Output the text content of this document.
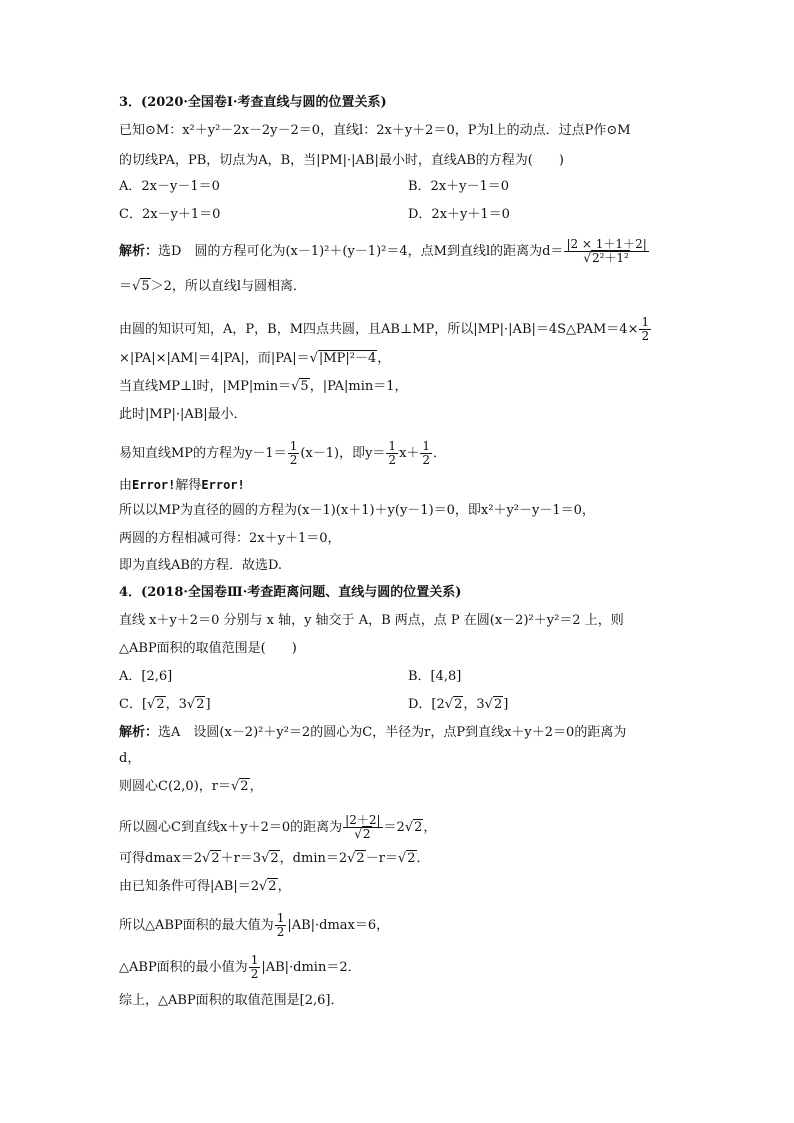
3．(2020·全国卷Ⅰ·考查直线与圆的位置关系)
已知⊙M：x²＋y²－2x－2y－2＝0，直线l：2x＋y＋2＝0，P为l上的动点．过点P作⊙M
的切线PA，PB，切点为A，B，当|PM|·|AB|最小时，直线AB的方程为(　　)
A．2x－y－1＝0	B．2x＋y－1＝0
C．2x－y＋1＝0	D．2x＋y＋1＝0
解析：选D　圆的方程可化为(x－1)²＋(y－1)²＝4，点M到直线l的距离为$d= \frac{|2 \times 1+1+2|}{\text{√2²＋1²}}$
＝√5＞2，所以直线l与圆相离．
由圆的知识可知，A，P，B，M四点共圆，且AB⊥MP，所以|MP|·|AB|＝4S△PAM＝4× $\frac{1}{2}$
×|PA|×|AM|＝4|PA|，而|PA|＝√|MP|²－4，
当直线MP⊥l时，|MP|min＝√5，|PA|min＝1，
此时|MP|·|AB|最小．
易知直线MP的方程为$y-1= \frac{1}{2} (x-1)$，即$y= \frac{1}{2} x+ \frac{1}{2}$ ．
由Error!解得Error!
所以以MP为直径的圆的方程为(x－1)(x＋1)＋y(y－1)＝0，即x²＋y²－y－1＝0，
两圆的方程相减可得：2x＋y＋1＝0，
即为直线AB的方程．故选D.
4．(2018·全国卷Ⅲ·考查距离问题、直线与圆的位置关系)
直线 x＋y＋2＝0 分别与 x 轴，y 轴交于 A，B 两点，点 P 在圆(x－2)²＋y²＝2 上，则
△ABP面积的取值范围是(　　)
A．[2,6]	B．[4,8]
C．[√2，3√2]	D．[2√2，3√2]
解析：选A　设圆(x－2)²＋y²＝2的圆心为C，半径为r，点P到直线x＋y＋2＝0的距离为
d，
则圆心C(2,0)，r＝√2，
所以圆心C到直线x＋y＋2＝0的距离为 $\frac{|2+2|}{√2} =2√2$，
可得dmax＝2√2＋r＝3√2，dmin＝2√2－r＝√2．
由已知条件可得|AB|＝2√2，
所以△ABP面积的最大值为 $\frac{1}{2} |AB|\cdot dmax=6$，
△ABP面积的最小值为 $\frac{1}{2} |AB|\cdot dmin=2$．
综上，△ABP面积的取值范围是[2,6]．
